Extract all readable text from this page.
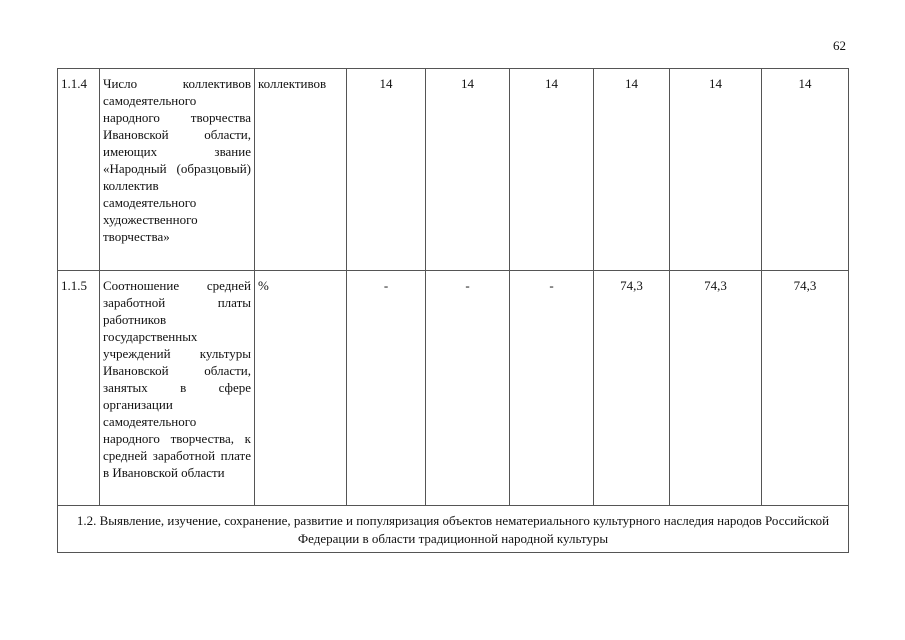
62
1.1.4	Число коллективов самодеятельного народного творчества Ивановской области, имеющих звание «Народный (образцовый) коллектив самодеятельного художественного творчества»	коллективов	14	14	14	14	14	14
1.1.5	Соотношение средней заработной платы работников государственных учреждений культуры Ивановской области, занятых в сфере организации самодеятельного народного творчества, к средней заработной плате в Ивановской области	%	-	-	-	74,3	74,3	74,3
1.2. Выявление, изучение, сохранение, развитие и популяризация объектов нематериального культурного наследия народов Российской Федерации в области традиционной народной культуры								
